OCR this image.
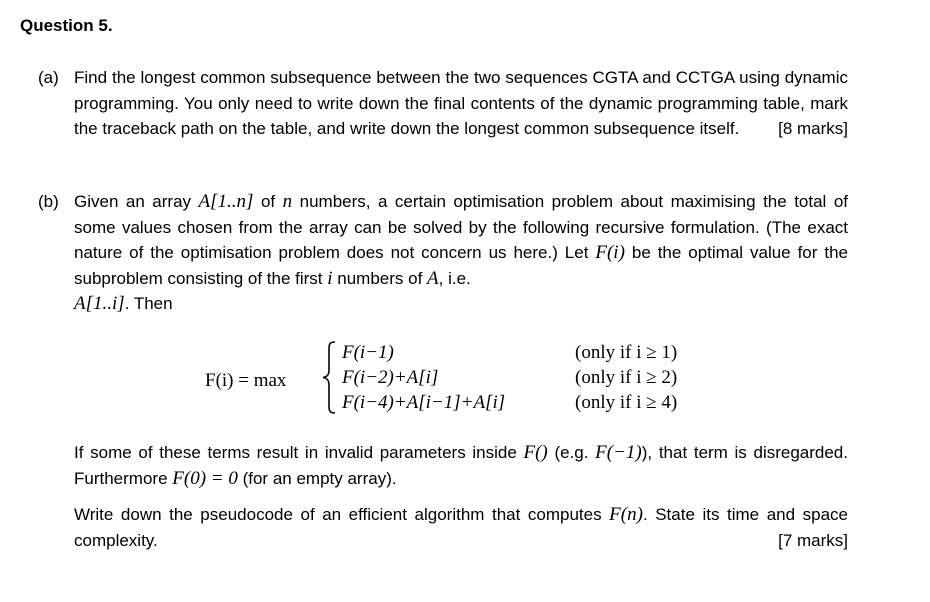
Question 5.
(a) Find the longest common subsequence between the two sequences CGTA and CCTGA using dynamic programming. You only need to write down the final contents of the dynamic programming table, mark the traceback path on the table, and write down the longest common subsequence itself. [8 marks]
(b) Given an array A[1..n] of n numbers, a certain optimisation problem about maximising the total of some values chosen from the array can be solved by the following recursive formulation. (The exact nature of the optimisation problem does not concern us here.) Let F(i) be the optimal value for the subproblem consisting of the first i numbers of A, i.e.
A[1..i]. Then
F(i) = max
F(i−1)	(only if i ≥ 1)
F(i−2)+A[i]	(only if i ≥ 2)
F(i−4)+A[i−1]+A[i]	(only if i ≥ 4)

If some of these terms result in invalid parameters inside F() (e.g. F(−1)), that term is disregarded. Furthermore F(0) = 0 (for an empty array).

Write down the pseudocode of an efficient algorithm that computes F(n). State its time and space complexity.	[7 marks]
